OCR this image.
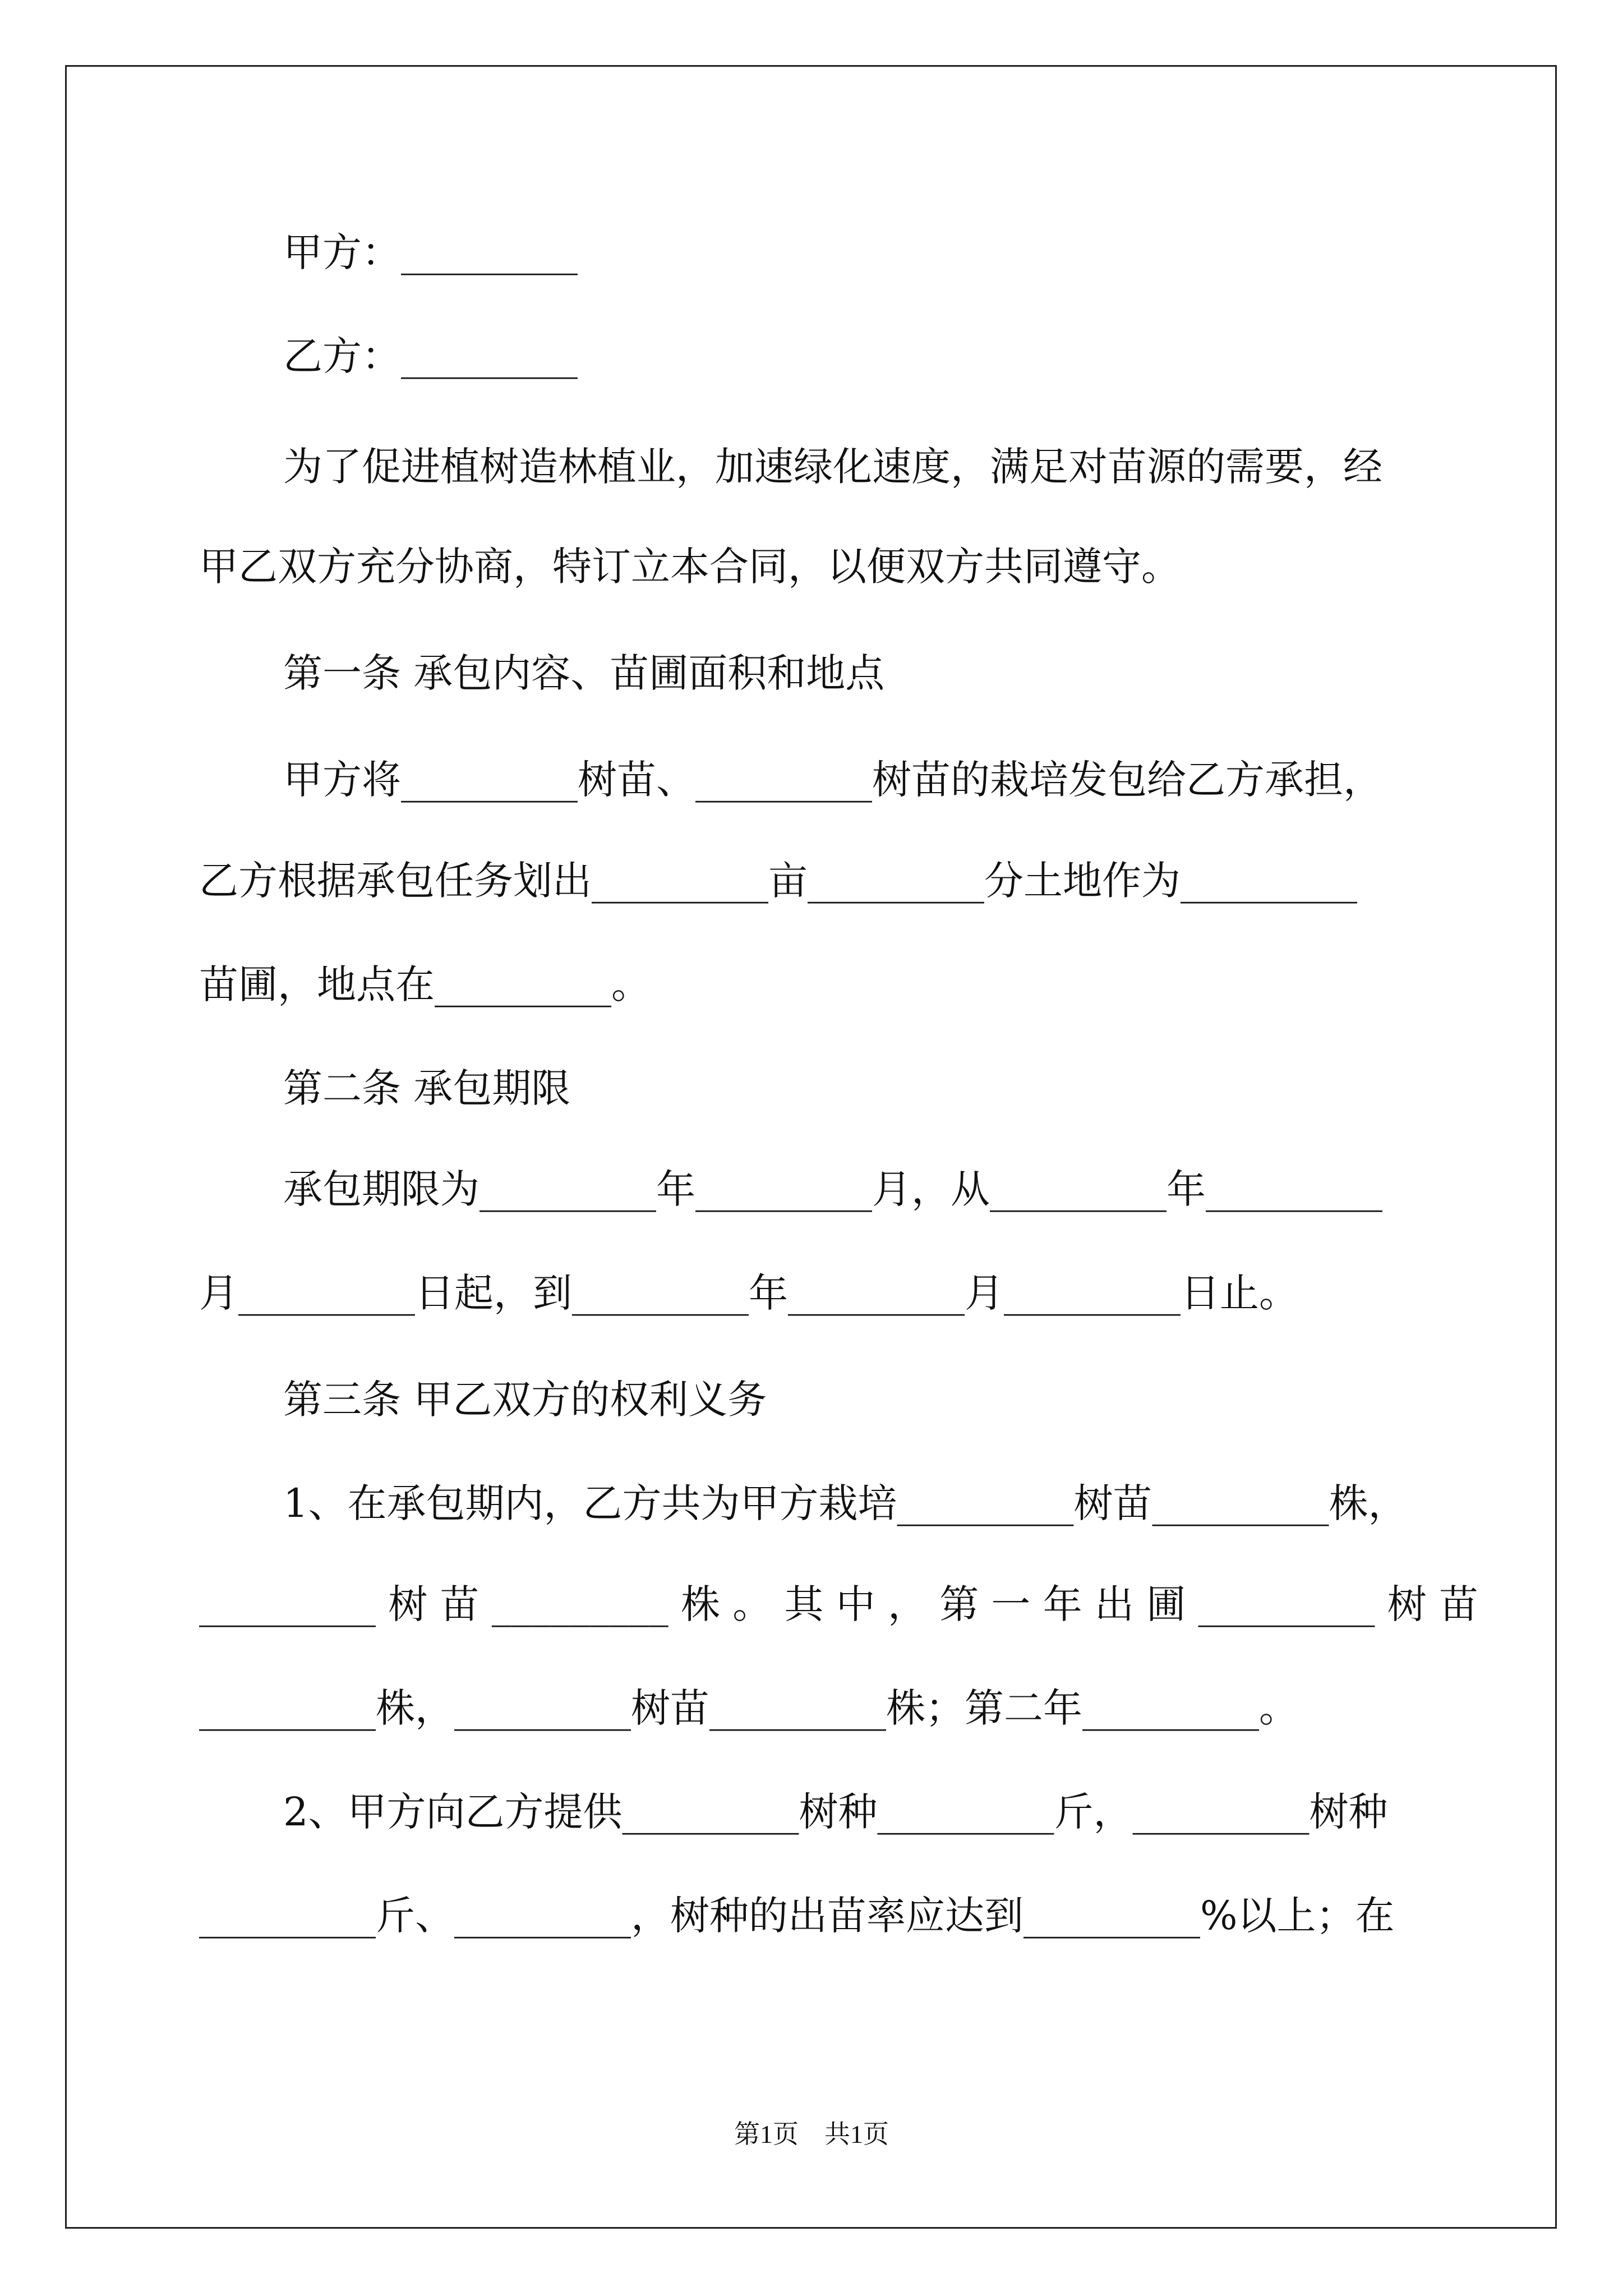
甲方：_________

乙方：_________

为了促进植树造林植业，加速绿化速度，满足对苗源的需要，经

甲乙双方充分协商，特订立本合同，以便双方共同遵守。

第一条 承包内容、苗圃面积和地点

甲方将_________树苗、_________树苗的栽培发包给乙方承担，

乙方根据承包任务划出_________亩_________分土地作为_________

苗圃，地点在_________。

第二条 承包期限

承包期限为_________年_________月，从_________年_________

月_________日起，到_________年_________月_________日止。

第三条 甲乙双方的权利义务

1、在承包期内，乙方共为甲方栽培_________树苗_________株，

_________ 树 苗 _________ 株 。 其 中 ， 第 一 年 出 圃 _________ 树 苗

_________株，_________树苗_________株；第二年_________。

2、甲方向乙方提供_________树种_________斤，_________树种

_________斤、_________，树种的出苗率应达到_________%以上；在

第1页　共1页
